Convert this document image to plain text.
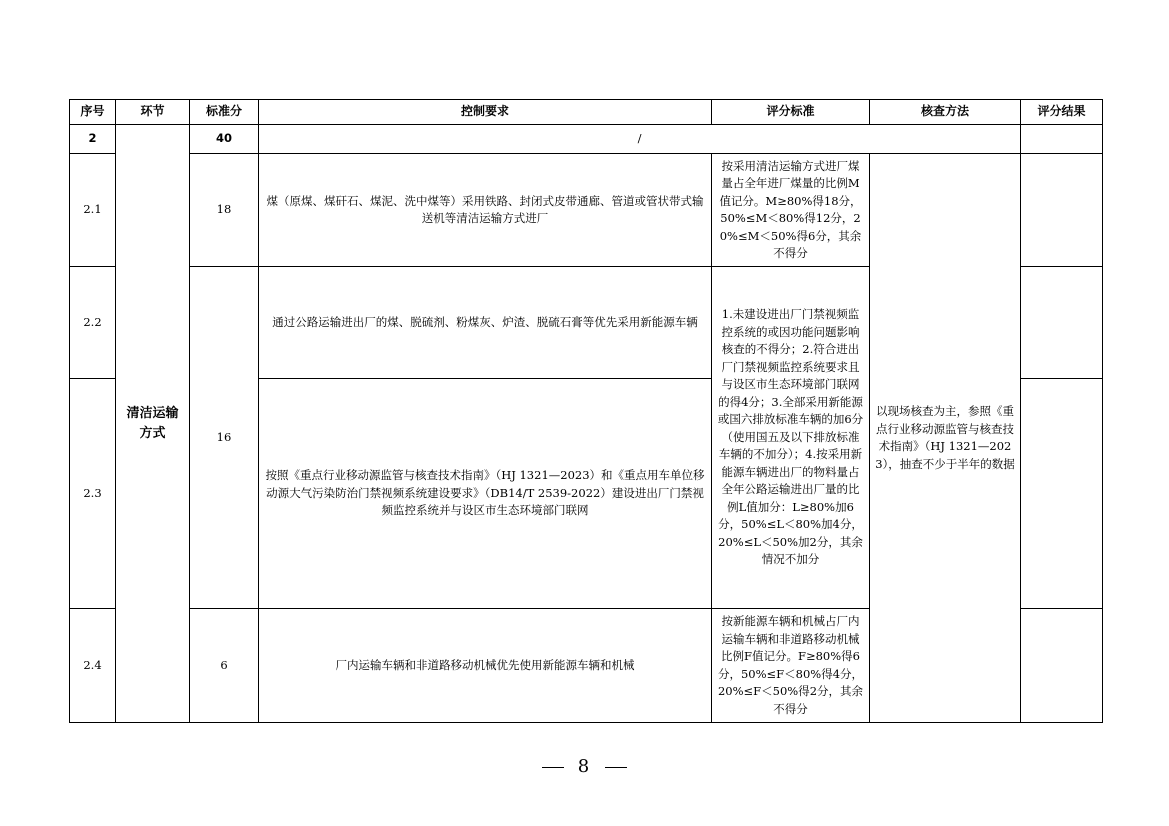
序号	环节	标准分	控制要求	评分标准	核查方法	评分结果
2	清洁运输方式	40	/			
2.1		18	煤（原煤、煤矸石、煤泥、洗中煤等）采用铁路、封闭式皮带通廊、管道或管状带式输送机等清洁运输方式进厂	按采用清洁运输方式进厂煤量占全年进厂煤量的比例M值记分。M≥80%得18分，50%≤M＜80%得12分，20%≤M＜50%得6分，其余不得分	以现场核查为主，参照《重点行业移动源监管与核查技术指南》（HJ 1321—2023），抽查不少于半年的数据	
2.2		16	通过公路运输进出厂的煤、脱硫剂、粉煤灰、炉渣、脱硫石膏等优先采用新能源车辆	1.未建设进出厂门禁视频监控系统的或因功能问题影响核查的不得分；2.符合进出厂门禁视频监控系统要求且与设区市生态环境部门联网的得4分；3.全部采用新能源或国六排放标准车辆的加6分（使用国五及以下排放标准车辆的不加分）；4.按采用新能源车辆进出厂的物料量占全年公路运输进出厂量的比例L值加分：L≥80%加6分，50%≤L＜80%加4分，20%≤L＜50%加2分，其余情况不加分		
2.3			按照《重点行业移动源监管与核查技术指南》（HJ 1321—2023）和《重点用车单位移动源大气污染防治门禁视频系统建设要求》（DB14/T 2539-2022）建设进出厂门禁视频监控系统并与设区市生态环境部门联网			
2.4		6	厂内运输车辆和非道路移动机械优先使用新能源车辆和机械	按新能源车辆和机械占厂内运输车辆和非道路移动机械比例F值记分。F≥80%得6分，50%≤F＜80%得4分，20%≤F＜50%得2分，其余不得分		
8
